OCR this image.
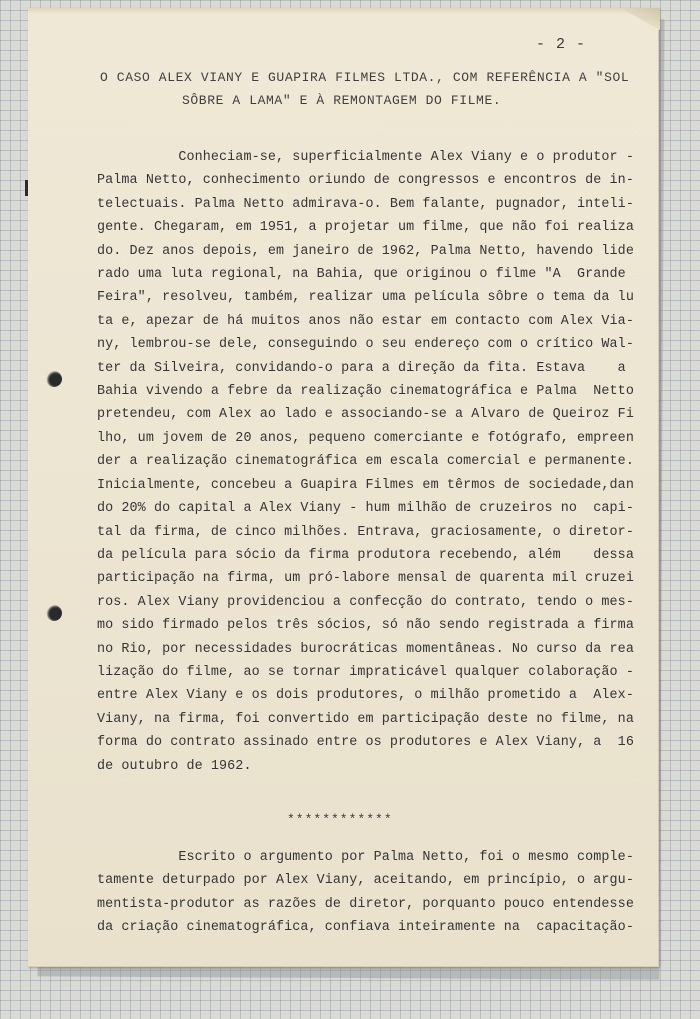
- 2 -
O CASO ALEX VIANY E GUAPIRA FILMES LTDA., COM REFERÊNCIA A "SOL
SÔBRE A LAMA" E À REMONTAGEM DO FILME.
Conheciam-se, superficialmente Alex Viany e o produtor -
Palma Netto, conhecimento oriundo de congressos e encontros de in-
telectuais. Palma Netto admirava-o. Bem falante, pugnador, inteli-
gente. Chegaram, em 1951, a projetar um filme, que não foi realiza
do. Dez anos depois, em janeiro de 1962, Palma Netto, havendo lide
rado uma luta regional, na Bahia, que originou o filme "A  Grande
Feira", resolveu, também, realizar uma película sôbre o tema da lu
ta e, apezar de há muitos anos não estar em contacto com Alex Via-
ny, lembrou-se dele, conseguindo o seu endereço com o crítico Wal-
ter da Silveira, convidando-o para a direção da fita. Estava    a
Bahia vivendo a febre da realização cinematográfica e Palma  Netto
pretendeu, com Alex ao lado e associando-se a Alvaro de Queiroz Fi
lho, um jovem de 20 anos, pequeno comerciante e fotógrafo, empreen
der a realização cinematográfica em escala comercial e permanente.
Inicialmente, concebeu a Guapira Filmes em têrmos de sociedade,dan
do 20% do capital a Alex Viany - hum milhão de cruzeiros no  capi-
tal da firma, de cinco milhões. Entrava, graciosamente, o diretor-
da película para sócio da firma produtora recebendo, além    dessa
participação na firma, um pró-labore mensal de quarenta mil cruzei
ros. Alex Viany providenciou a confecção do contrato, tendo o mes-
mo sido firmado pelos três sócios, só não sendo registrada a firma
no Rio, por necessidades burocráticas momentâneas. No curso da rea
lização do filme, ao se tornar impraticável qualquer colaboração -
entre Alex Viany e os dois produtores, o milhão prometido a  Alex-
Viany, na firma, foi convertido em participação deste no filme, na
forma do contrato assinado entre os produtores e Alex Viany, a  16
de outubro de 1962.
************
Escrito o argumento por Palma Netto, foi o mesmo comple-
tamente deturpado por Alex Viany, aceitando, em princípio, o argu-
mentista-produtor as razões de diretor, porquanto pouco entendesse
da criação cinematográfica, confiava inteiramente na  capacitação-
